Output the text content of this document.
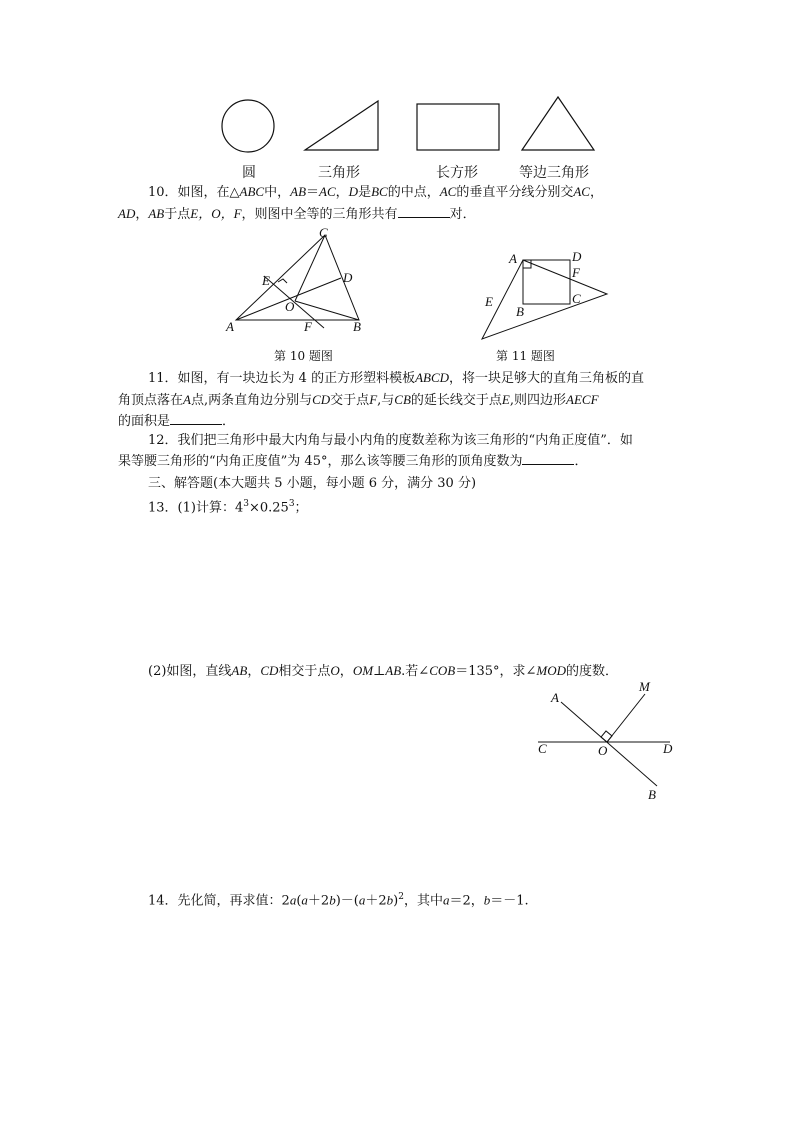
圆	三角形	长方形	等边三角形
10．如图，在△ABC中，AB＝AC，D是BC的中点，AC的垂直平分线分别交AC，
AD，AB于点E，O，F，则图中全等的三角形共有	对．
A	B
C
D
E
O
F
A
B
C
D
E
F
第 10 题图	第 11 题图
11．如图，有一块边长为 4 的正方形塑料模板ABCD，将一块足够大的直角三角板的直
角顶点落在A点,两条直角边分别与CD交于点F,与CB的延长线交于点E,则四边形AECF
的面积是	．
12．我们把三角形中最大内角与最小内角的度数差称为该三角形的“内角正度值”．如
果等腰三角形的“内角正度值”为 45°，那么该等腰三角形的顶角度数为	．
三、解答题(本大题共 5 小题，每小题 6 分，满分 30 分)
13．(1)计算：$4^3\times 0.25^3$；
(2)如图，直线AB，CD相交于点O，OM⊥AB.若∠COB＝135°，求∠MOD的度数．
A
M
C	O	D
B
14．先化简，再求值：$2a(a+2b)-(a+2b)^2$，其中a＝2，b＝－1.
